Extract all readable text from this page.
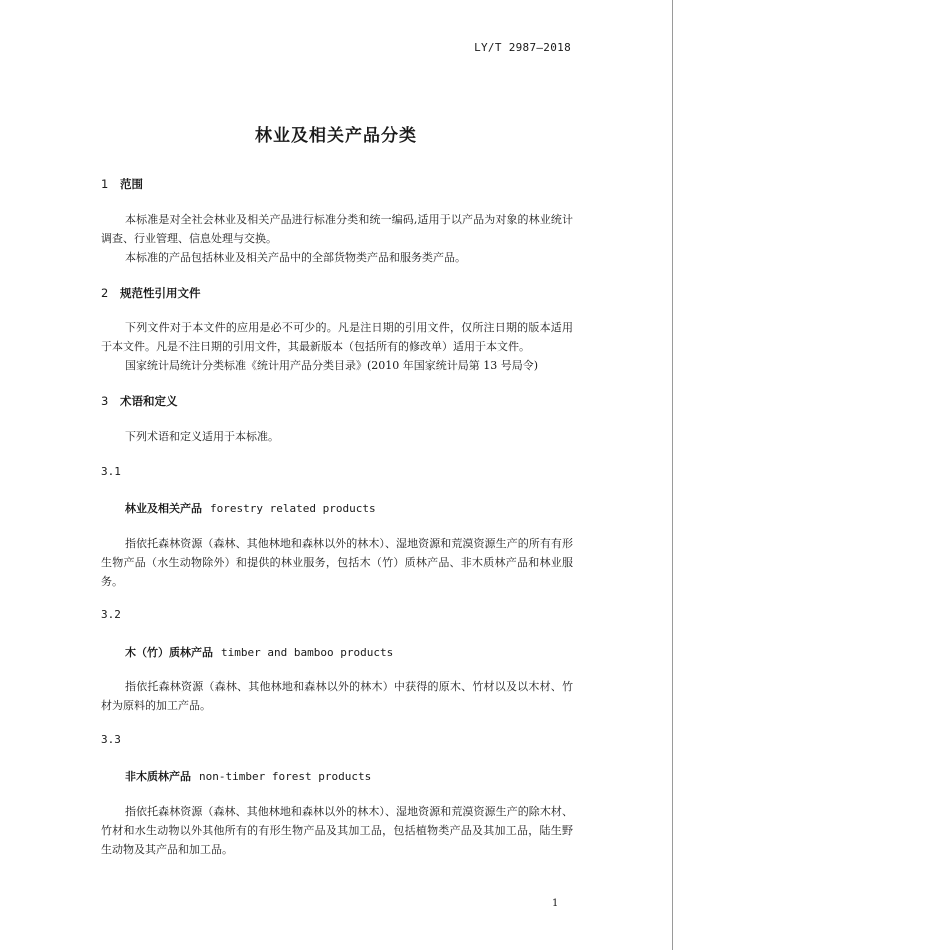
LY/T 2987—2018
林业及相关产品分类
1 范围
本标准是对全社会林业及相关产品进行标准分类和统一编码,适用于以产品为对象的林业统计调查、行业管理、信息处理与交换。
本标准的产品包括林业及相关产品中的全部货物类产品和服务类产品。
2 规范性引用文件
下列文件对于本文件的应用是必不可少的。凡是注日期的引用文件，仅所注日期的版本适用于本文件。凡是不注日期的引用文件，其最新版本（包括所有的修改单）适用于本文件。
国家统计局统计分类标准《统计用产品分类目录》(2010 年国家统计局第 13 号局令)
3 术语和定义
下列术语和定义适用于本标准。
3.1
林业及相关产品 forestry related products
指依托森林资源（森林、其他林地和森林以外的林木）、湿地资源和荒漠资源生产的所有有形生物产品（水生动物除外）和提供的林业服务，包括木（竹）质林产品、非木质林产品和林业服务。
3.2
木（竹）质林产品 timber and bamboo products
指依托森林资源（森林、其他林地和森林以外的林木）中获得的原木、竹材以及以木材、竹材为原料的加工产品。
3.3
非木质林产品 non-timber forest products
指依托森林资源（森林、其他林地和森林以外的林木）、湿地资源和荒漠资源生产的除木材、竹材和水生动物以外其他所有的有形生物产品及其加工品，包括植物类产品及其加工品，陆生野生动物及其产品和加工品。
1
